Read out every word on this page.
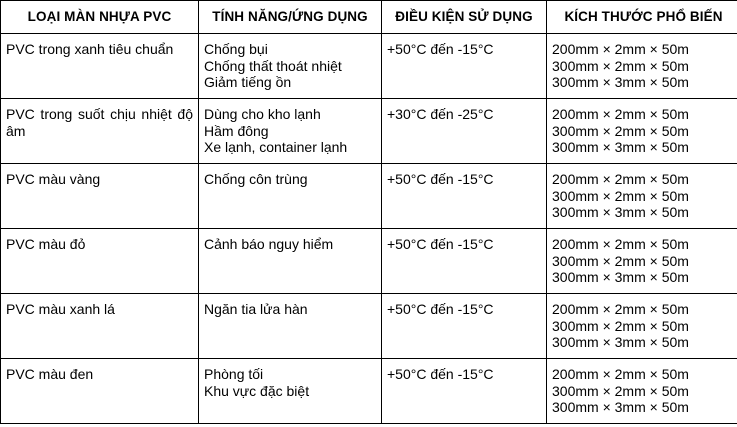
LOẠI MÀN NHỰA PVC	TÍNH NĂNG/ỨNG DỤNG	ĐIỀU KIỆN SỬ DỤNG	KÍCH THƯỚC PHỔ BIẾN
PVC trong xanh tiêu chuẩn	Chống bụi
Chống thất thoát nhiệt
Giảm tiếng ồn	+50°C đến -15°C	200mm × 2mm × 50m
300mm × 2mm × 50m
300mm × 3mm × 50m

PVC trong suốt chịu nhiệt độ âm	Dùng cho kho lạnh
Hầm đông
Xe lạnh, container lạnh	+30°C đến -25°C	200mm × 2mm × 50m
300mm × 2mm × 50m
300mm × 3mm × 50m

PVC màu vàng	Chống côn trùng	+50°C đến -15°C	200mm × 2mm × 50m
300mm × 2mm × 50m
300mm × 3mm × 50m

PVC màu đỏ	Cảnh báo nguy hiểm	+50°C đến -15°C	200mm × 2mm × 50m
300mm × 2mm × 50m
300mm × 3mm × 50m

PVC màu xanh lá	Ngăn tia lửa hàn	+50°C đến -15°C	200mm × 2mm × 50m
300mm × 2mm × 50m
300mm × 3mm × 50m

PVC màu đen	Phòng tối
Khu vực đặc biệt	+50°C đến -15°C	200mm × 2mm × 50m
300mm × 2mm × 50m
300mm × 3mm × 50m
